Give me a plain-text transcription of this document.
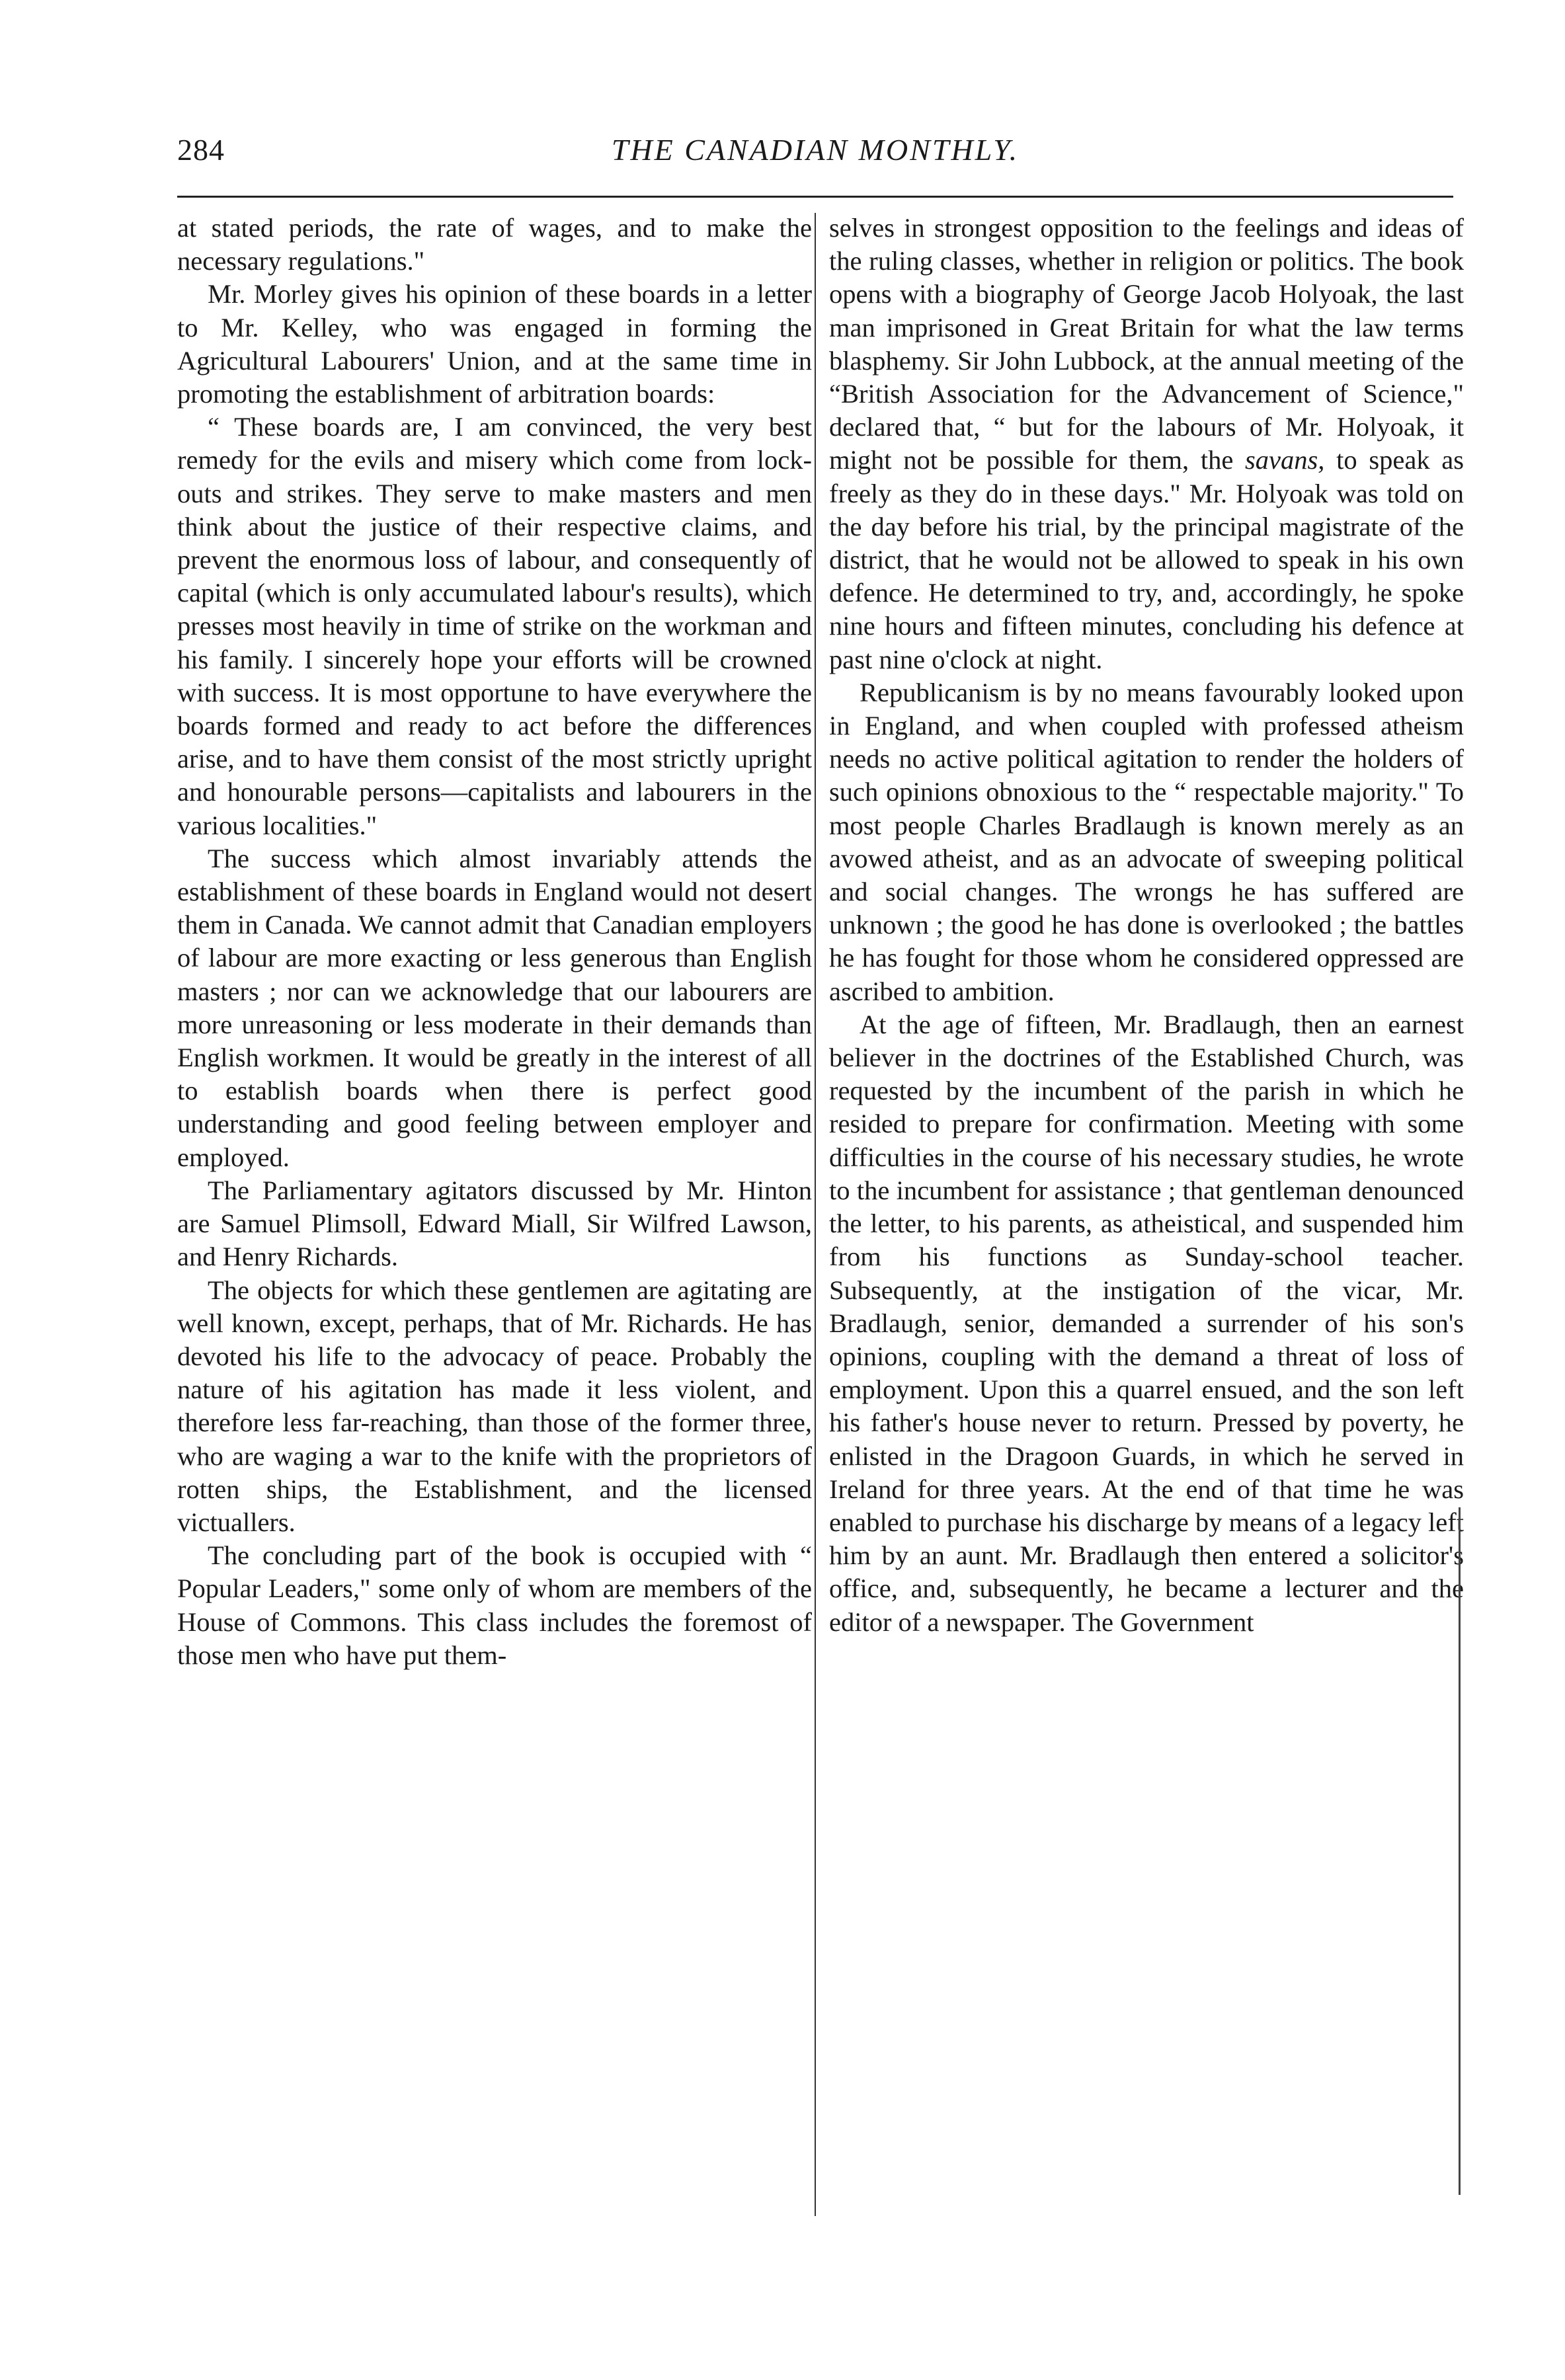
284	THE CANADIAN MONTHLY.

at stated periods, the rate of wages, and to make the necessary regulations."

Mr. Morley gives his opinion of these boards in a letter to Mr. Kelley, who was engaged in forming the Agricultural Labourers' Union, and at the same time in promoting the establishment of arbitration boards:

“ These boards are, I am convinced, the very best remedy for the evils and misery which come from lock-outs and strikes. They serve to make masters and men think about the justice of their respective claims, and prevent the enormous loss of labour, and consequently of capital (which is only accumulated labour's results), which presses most heavily in time of strike on the workman and his family. I sincerely hope your efforts will be crowned with success. It is most opportune to have everywhere the boards formed and ready to act before the differences arise, and to have them consist of the most strictly upright and honourable persons—capitalists and labourers in the various localities."

The success which almost invariably attends the establishment of these boards in England would not desert them in Canada. We cannot admit that Canadian employers of labour are more exacting or less generous than English masters ; nor can we acknowledge that our labourers are more unreasoning or less moderate in their demands than English workmen. It would be greatly in the interest of all to establish boards when there is perfect good understanding and good feeling between employer and employed.

The Parliamentary agitators discussed by Mr. Hinton are Samuel Plimsoll, Edward Miall, Sir Wilfred Lawson, and Henry Richards.

The objects for which these gentlemen are agitating are well known, except, perhaps, that of Mr. Richards. He has devoted his life to the advocacy of peace. Probably the nature of his agitation has made it less violent, and therefore less far-reaching, than those of the former three, who are waging a war to the knife with the proprietors of rotten ships, the Establishment, and the licensed victuallers.

The concluding part of the book is occupied with “ Popular Leaders," some only of whom are members of the House of Commons. This class includes the foremost of those men who have put them-

selves in strongest opposition to the feelings and ideas of the ruling classes, whether in religion or politics. The book opens with a biography of George Jacob Holyoak, the last man imprisoned in Great Britain for what the law terms blasphemy. Sir John Lubbock, at the annual meeting of the “British Association for the Advancement of Science," declared that, “ but for the labours of Mr. Holyoak, it might not be possible for them, the savans, to speak as freely as they do in these days." Mr. Holyoak was told on the day before his trial, by the principal magistrate of the district, that he would not be allowed to speak in his own defence. He determined to try, and, accordingly, he spoke nine hours and fifteen minutes, concluding his defence at past nine o'clock at night.

Republicanism is by no means favourably looked upon in England, and when coupled with professed atheism needs no active political agitation to render the holders of such opinions obnoxious to the “ respectable majority." To most people Charles Bradlaugh is known merely as an avowed atheist, and as an advocate of sweeping political and social changes. The wrongs he has suffered are unknown ; the good he has done is overlooked ; the battles he has fought for those whom he considered oppressed are ascribed to ambition.

At the age of fifteen, Mr. Bradlaugh, then an earnest believer in the doctrines of the Established Church, was requested by the incumbent of the parish in which he resided to prepare for confirmation. Meeting with some difficulties in the course of his necessary studies, he wrote to the incumbent for assistance ; that gentleman denounced the letter, to his parents, as atheistical, and suspended him from his functions as Sunday-school teacher. Subsequently, at the instigation of the vicar, Mr. Bradlaugh, senior, demanded a surrender of his son's opinions, coupling with the demand a threat of loss of employment. Upon this a quarrel ensued, and the son left his father's house never to return. Pressed by poverty, he enlisted in the Dragoon Guards, in which he served in Ireland for three years. At the end of that time he was enabled to purchase his discharge by means of a legacy left him by an aunt. Mr. Bradlaugh then entered a solicitor's office, and, subsequently, he became a lecturer and the editor of a newspaper. The Government
